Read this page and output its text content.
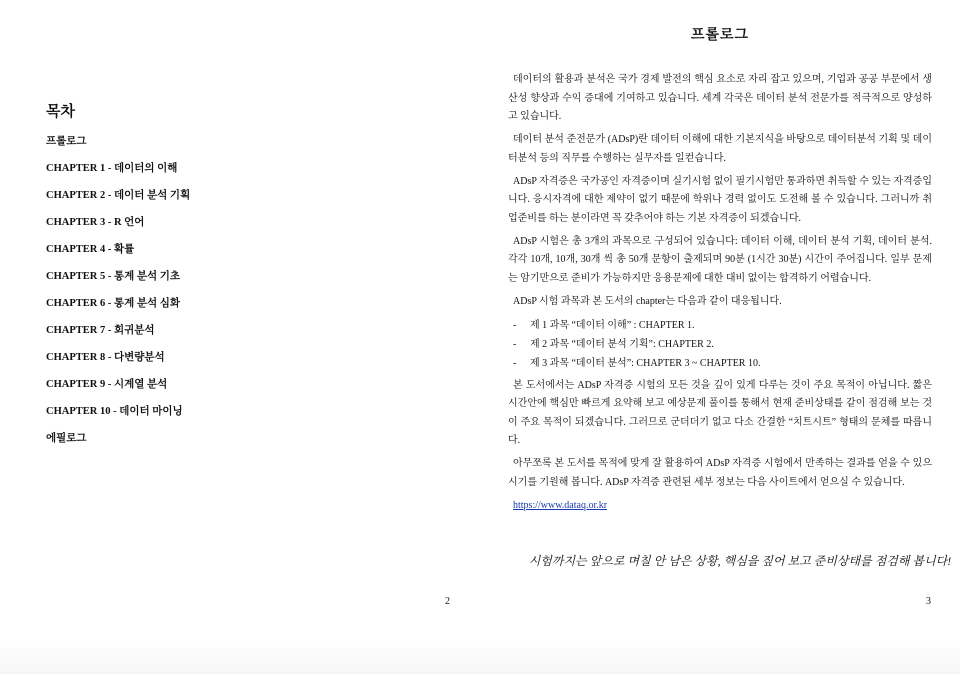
목차
프롤로그
CHAPTER 1 - 데이터의 이해
CHAPTER 2 - 데이터 분석 기획
CHAPTER 3 - R 언어
CHAPTER 4 - 확률
CHAPTER 5 - 통계 분석 기초
CHAPTER 6 - 통계 분석 심화
CHAPTER 7 - 회귀분석
CHAPTER 8 - 다변량분석
CHAPTER 9 - 시계열 분석
CHAPTER 10 - 데이터 마이닝
에필로그
2
프롤로그

데이터의 활용과 분석은 국가 경제 발전의 핵심 요소로 자리 잡고 있으며, 기업과 공공 부문에서 생산성 향상과 수익 증대에 기여하고 있습니다. 세계 각국은 데이터 분석 전문가를 적극적으로 양성하고 있습니다.

데이터 분석 준전문가 (ADsP)란 데이터 이해에 대한 기본지식을 바탕으로 데이터분석 기획 및 데이터분석 등의 직무를 수행하는 실무자를 일컫습니다.

ADsP 자격증은 국가공인 자격증이며 실기시험 없이 필기시험만 통과하면 취득할 수 있는 자격증입니다. 응시자격에 대한 제약이 없기 때문에 학위나 경력 없이도 도전해 볼 수 있습니다. 그러니까 취업준비를 하는 분이라면 꼭 갖추어야 하는 기본 자격증이 되겠습니다.

ADsP 시험은 총 3개의 과목으로 구성되어 있습니다: 데이터 이해, 데이터 분석 기획, 데이터 분석. 각각 10개, 10개, 30개 씩 총 50개 문항이 출제되며 90분 (1시간 30분) 시간이 주어집니다. 일부 문제는 암기만으로 준비가 가능하지만 응용문제에 대한 대비 없이는 합격하기 어렵습니다.

ADsP 시험 과목과 본 도서의 chapter는 다음과 같이 대응됩니다.

- 제 1 과목 “데이터 이해” : CHAPTER 1.
- 제 2 과목 “데이터 분석 기획”: CHAPTER 2.
- 제 3 과목 “데이터 분석”: CHAPTER 3 ~ CHAPTER 10.

본 도서에서는 ADsP 자격증 시험의 모든 것을 깊이 있게 다루는 것이 주요 목적이 아닙니다. 짧은 시간안에 핵심만 빠르게 요약해 보고 예상문제 풀이를 통해서 현재 준비상태를 같이 점검해 보는 것이 주요 목적이 되겠습니다. 그러므로 군더더기 없고 다소 간결한 “치트시트” 형태의 문체를 따릅니다.

아무쪼록 본 도서를 목적에 맞게 잘 활용하여 ADsP 자격증 시험에서 만족하는 결과를 얻을 수 있으시기를 기원해 봅니다. ADsP 자격증 관련된 세부 정보는 다음 사이트에서 얻으실 수 있습니다.

https://www.dataq.or.kr

시험까지는 앞으로 며칠 안 남은 상황, 핵심을 짚어 보고 준비상태를 점검해 봅니다!

3
